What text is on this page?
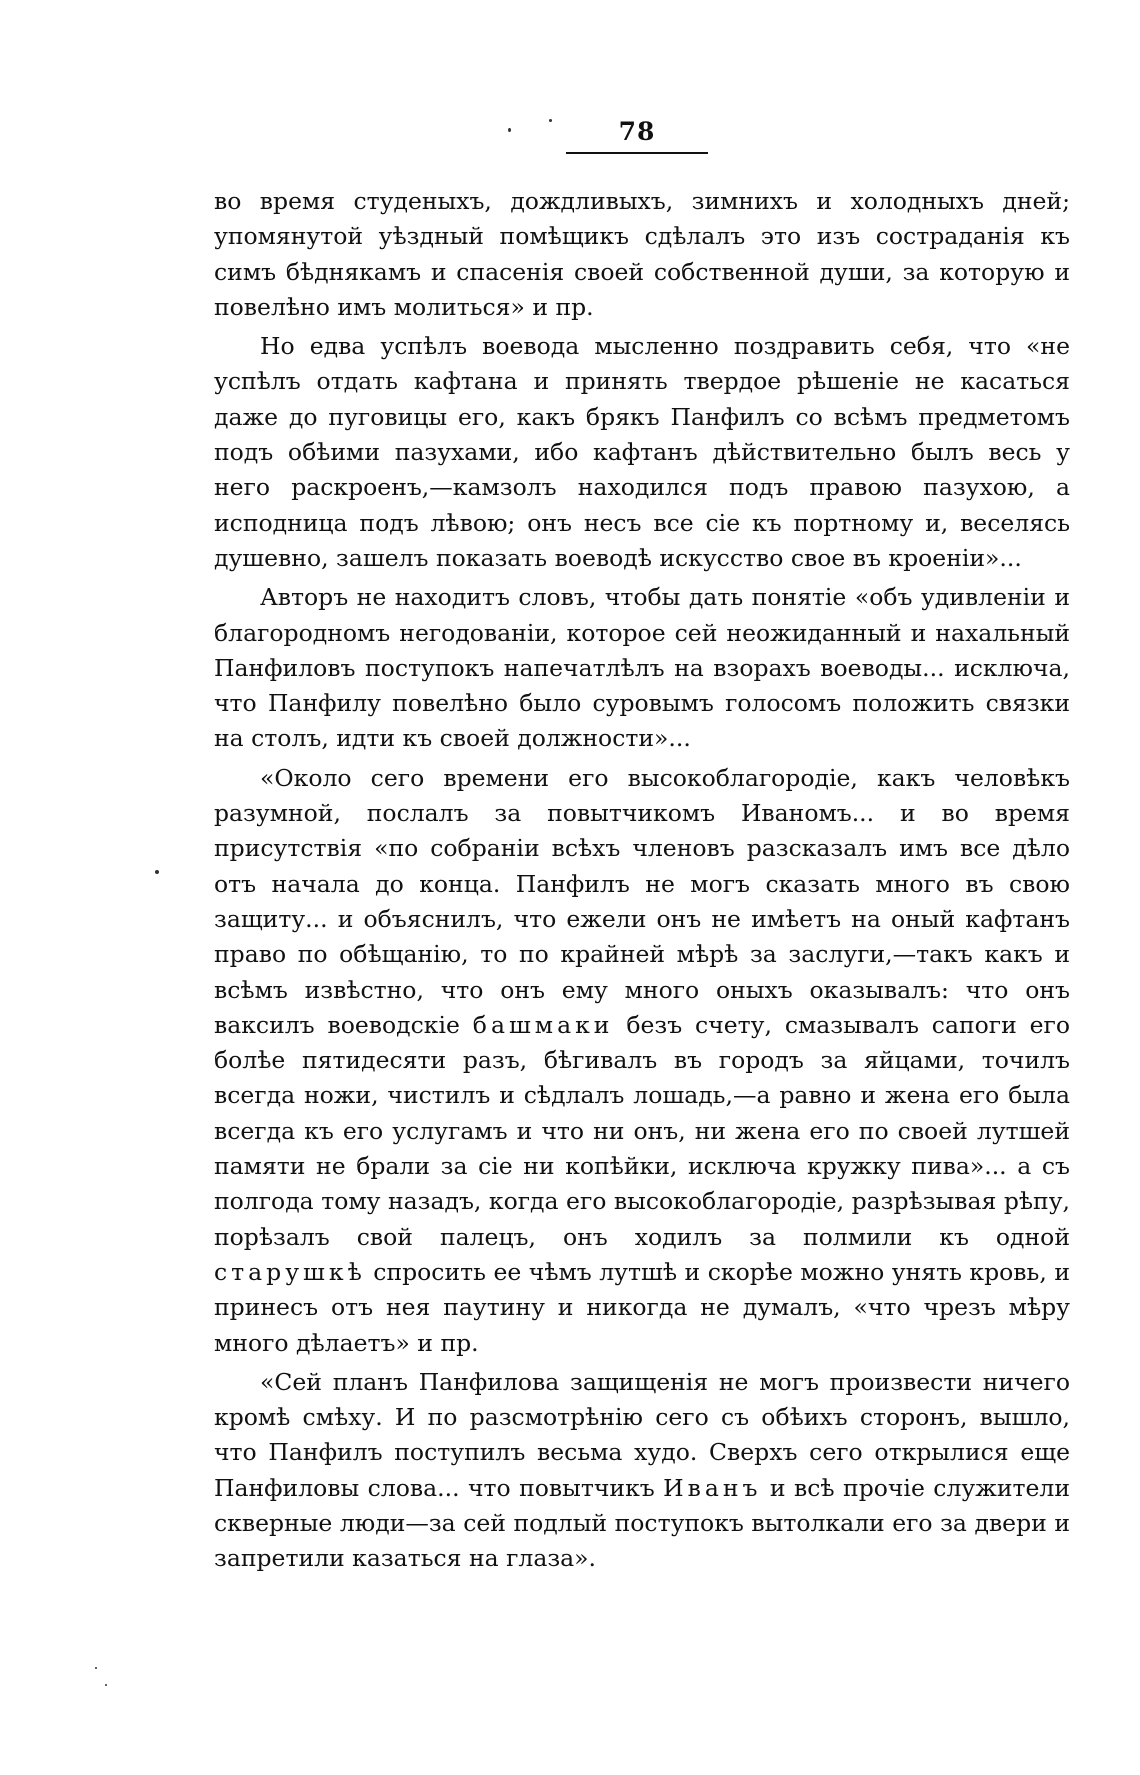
78

во время студеныхъ, дождливыхъ, зимнихъ и холодныхъ дней; упомянутой уѣздный помѣщикъ сдѣлалъ это изъ состраданія къ симъ бѣднякамъ и спасенія своей собственной души, за которую и повелѣно имъ молиться» и пр.

Но едва успѣлъ воевода мысленно поздравить себя, что «не успѣлъ отдать кафтана и принять твердое рѣшеніе не касаться даже до пуговицы его, какъ брякъ Панфилъ со всѣмъ предметомъ подъ обѣими пазухами, ибо кафтанъ дѣйствительно былъ весь у него раскроенъ,—камзолъ находился подъ правою пазухою, а исподница подъ лѣвою; онъ несъ все сіе къ портному и, веселясь душевно, зашелъ показать воеводѣ искусство свое въ кроеніи»...

Авторъ не находитъ словъ, чтобы дать понятіе «объ удивленіи и благородномъ негодованіи, которое сей неожиданный и нахальный Панфиловъ поступокъ напечатлѣлъ на взорахъ воеводы... исключа, что Панфилу повелѣно было суровымъ голосомъ положить связки на столъ, идти къ своей должности»...

«Около сего времени его высокоблагородіе, какъ человѣкъ разумной, послалъ за повытчикомъ Иваномъ... и во время присутствія «по собраніи всѣхъ членовъ разсказалъ имъ все дѣло отъ начала до конца. Панфилъ не могъ сказать много въ свою защиту... и объяснилъ, что ежели онъ не имѣетъ на оный кафтанъ право по обѣщанію, то по крайней мѣрѣ за заслуги,—такъ какъ и всѣмъ извѣстно, что онъ ему много оныхъ оказывалъ: что онъ ваксилъ воеводскіе башмаки безъ счету, смазывалъ сапоги его болѣе пятидесяти разъ, бѣгивалъ въ городъ за яйцами, точилъ всегда ножи, чистилъ и сѣдлалъ лошадь,—а равно и жена его была всегда къ его услугамъ и что ни онъ, ни жена его по своей лутшей памяти не брали за сіе ни копѣйки, исключа кружку пива»... а съ полгода тому назадъ, когда его высокоблагородіе, разрѣзывая рѣпу, порѣзалъ свой палецъ, онъ ходилъ за полмили къ одной старушкѣ спросить ее чѣмъ лутшѣ и скорѣе можно унять кровь, и принесъ отъ нея паутину и никогда не думалъ, «что чрезъ мѣру много дѣлаетъ» и пр.

«Сей планъ Панфилова защищенія не могъ произвести ничего кромѣ смѣху. И по разсмотрѣнію сего съ обѣихъ сторонъ, вышло, что Панфилъ поступилъ весьма худо. Сверхъ сего открылися еще Панфиловы слова... что повытчикъ Иванъ и всѣ прочіе служители скверные люди—за сей подлый поступокъ вытолкали его за двери и запретили казаться на глаза».
